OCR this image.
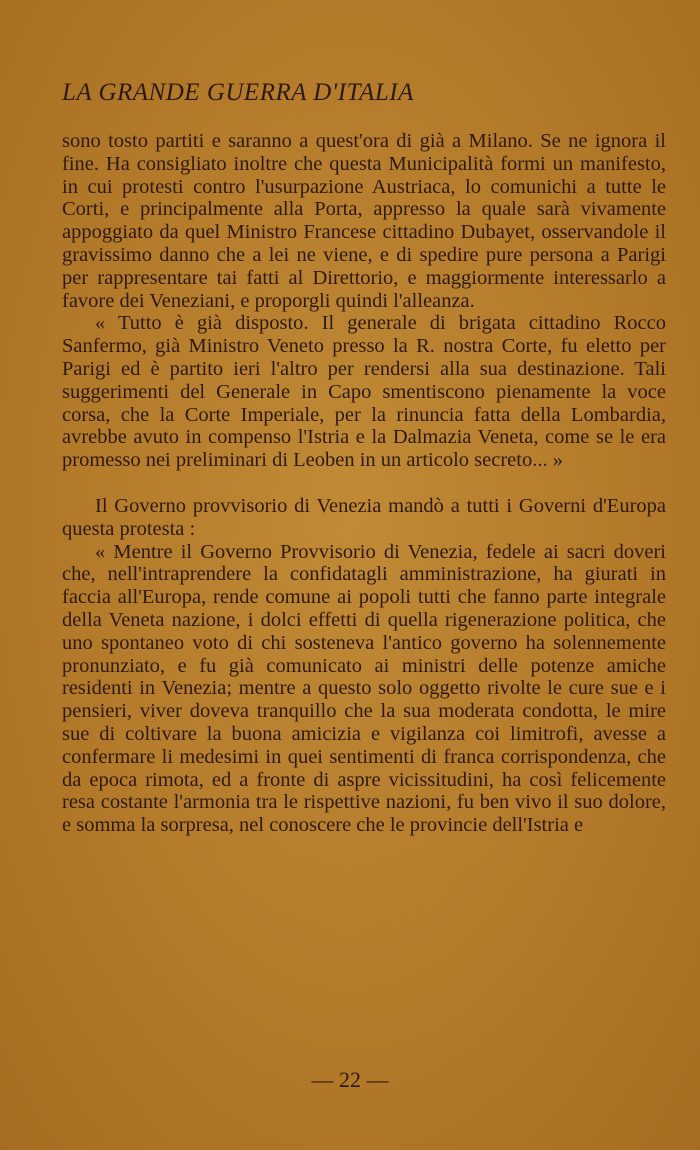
LA GRANDE GUERRA D'ITALIA

sono tosto partiti e saranno a quest'ora di già a Milano. Se ne ignora il fine. Ha consigliato inoltre che questa Municipalità formi un manifesto, in cui protesti contro l'usurpazione Austriaca, lo comunichi a tutte le Corti, e principalmente alla Porta, appresso la quale sarà vivamente appoggiato da quel Ministro Francese cittadino Dubayet, osservandole il gravissimo danno che a lei ne viene, e di spedire pure persona a Parigi per rappresentare tai fatti al Direttorio, e maggiormente interessarlo a favore dei Veneziani, e proporgli quindi l'alleanza.

« Tutto è già disposto. Il generale di brigata cittadino Rocco Sanfermo, già Ministro Veneto presso la R. nostra Corte, fu eletto per Parigi ed è partito ieri l'altro per rendersi alla sua destinazione. Tali suggerimenti del Generale in Capo smentiscono pienamente la voce corsa, che la Corte Imperiale, per la rinuncia fatta della Lombardia, avrebbe avuto in compenso l'Istria e la Dalmazia Veneta, come se le era promesso nei preliminari di Leoben in un articolo secreto... »

Il Governo provvisorio di Venezia mandò a tutti i Governi d'Europa questa protesta :

« Mentre il Governo Provvisorio di Venezia, fedele ai sacri doveri che, nell'intraprendere la confidatagli amministrazione, ha giurati in faccia all'Europa, rende comune ai popoli tutti che fanno parte integrale della Veneta nazione, i dolci effetti di quella rigenerazione politica, che uno spontaneo voto di chi sosteneva l'antico governo ha solennemente pronunziato, e fu già comunicato ai ministri delle potenze amiche residenti in Venezia; mentre a questo solo oggetto rivolte le cure sue e i pensieri, viver doveva tranquillo che la sua moderata condotta, le mire sue di coltivare la buona amicizia e vigilanza coi limitrofi, avesse a confermare li medesimi in quei sentimenti di franca corrispondenza, che da epoca rimota, ed a fronte di aspre vicissitudini, ha così felicemente resa costante l'armonia tra le rispettive nazioni, fu ben vivo il suo dolore, e somma la sorpresa, nel conoscere che le provincie dell'Istria e

— 22 —
